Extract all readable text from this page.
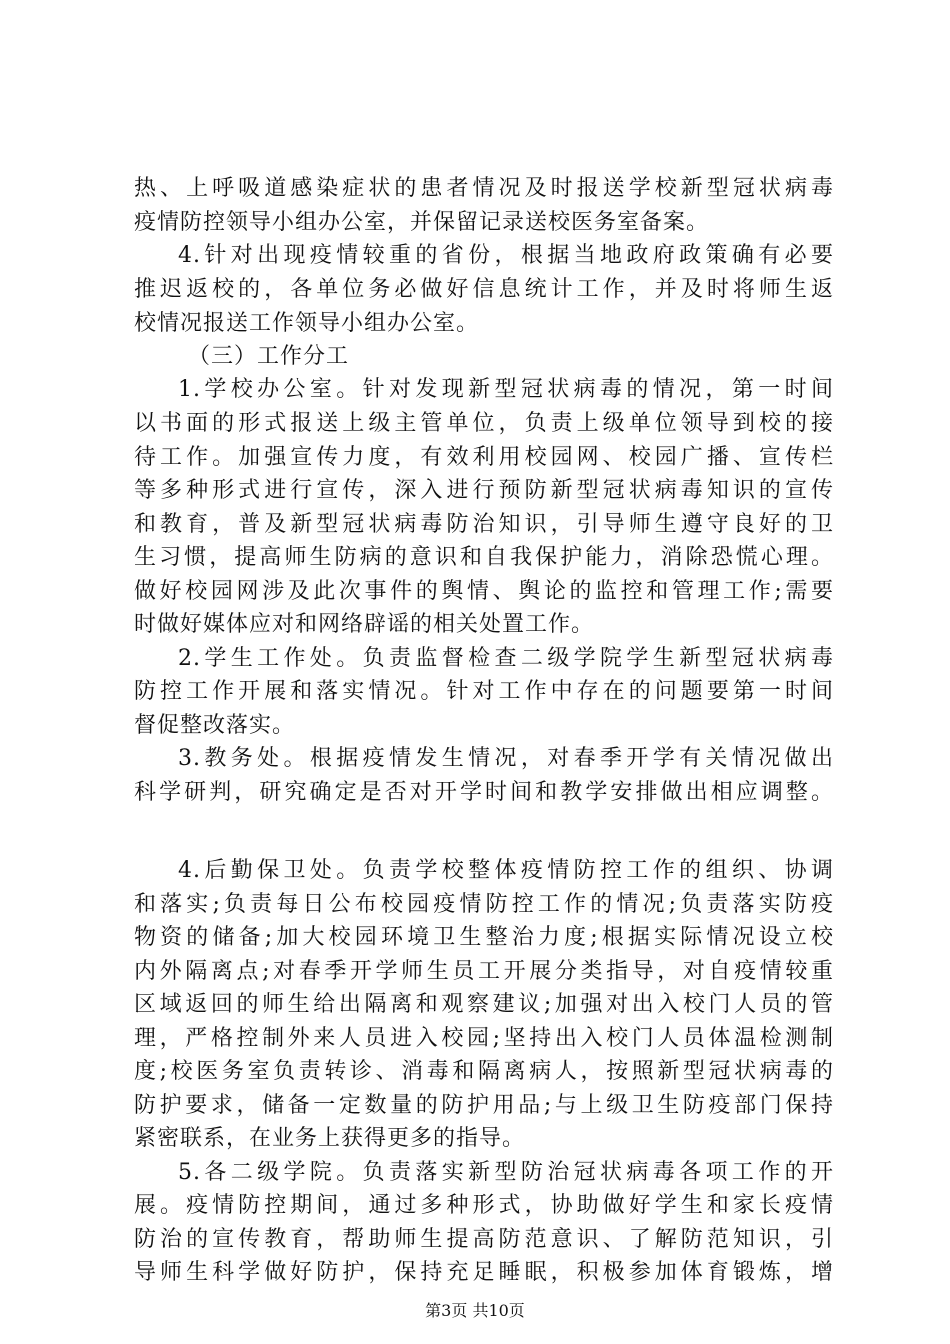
热、上呼吸道感染症状的患者情况及时报送学校新型冠状病毒
疫情防控领导小组办公室，并保留记录送校医务室备案。
4.针对出现疫情较重的省份，根据当地政府政策确有必要
推迟返校的，各单位务必做好信息统计工作，并及时将师生返
校情况报送工作领导小组办公室。
（三）工作分工
1.学校办公室。针对发现新型冠状病毒的情况，第一时间
以书面的形式报送上级主管单位，负责上级单位领导到校的接
待工作。加强宣传力度，有效利用校园网、校园广播、宣传栏
等多种形式进行宣传，深入进行预防新型冠状病毒知识的宣传
和教育，普及新型冠状病毒防治知识，引导师生遵守良好的卫
生习惯，提高师生防病的意识和自我保护能力，消除恐慌心理。
做好校园网涉及此次事件的舆情、舆论的监控和管理工作;需要
时做好媒体应对和网络辟谣的相关处置工作。
2.学生工作处。负责监督检查二级学院学生新型冠状病毒
防控工作开展和落实情况。针对工作中存在的问题要第一时间
督促整改落实。
3.教务处。根据疫情发生情况，对春季开学有关情况做出
科学研判，研究确定是否对开学时间和教学安排做出相应调整。
4.后勤保卫处。负责学校整体疫情防控工作的组织、协调
和落实;负责每日公布校园疫情防控工作的情况;负责落实防疫
物资的储备;加大校园环境卫生整治力度;根据实际情况设立校
内外隔离点;对春季开学师生员工开展分类指导，对自疫情较重
区域返回的师生给出隔离和观察建议;加强对出入校门人员的管
理，严格控制外来人员进入校园;坚持出入校门人员体温检测制
度;校医务室负责转诊、消毒和隔离病人，按照新型冠状病毒的
防护要求，储备一定数量的防护用品;与上级卫生防疫部门保持
紧密联系，在业务上获得更多的指导。
5.各二级学院。负责落实新型防治冠状病毒各项工作的开
展。疫情防控期间，通过多种形式，协助做好学生和家长疫情
防治的宣传教育，帮助师生提高防范意识、了解防范知识，引
导师生科学做好防护，保持充足睡眠，积极参加体育锻炼，增
第3页 共10页
